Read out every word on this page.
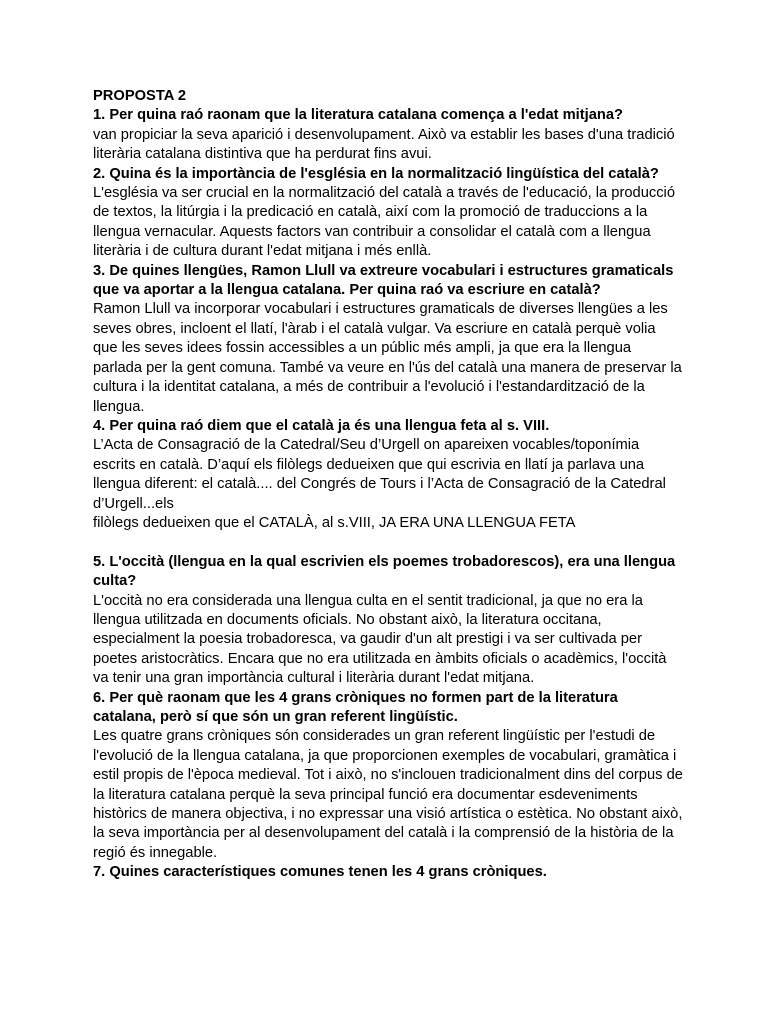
PROPOSTA 2

1. Per quina raó raonam que la literatura catalana comença a l'edat mitjana?

van propiciar la seva aparició i desenvolupament. Això va establir les bases d'una tradició literària catalana distintiva que ha perdurat fins avui.

2. Quina és la importància de l'església en la normalització lingüística del català?

L'església va ser crucial en la normalització del català a través de l'educació, la producció de textos, la litúrgia i la predicació en català, així com la promoció de traduccions a la llengua vernacular. Aquests factors van contribuir a consolidar el català com a llengua literària i de cultura durant l'edat mitjana i més enllà.

3. De quines llengües, Ramon Llull va extreure vocabulari i estructures gramaticals que va aportar a la llengua catalana. Per quina raó va escriure en català?

Ramon Llull va incorporar vocabulari i estructures gramaticals de diverses llengües a les seves obres, incloent el llatí, l'àrab i el català vulgar. Va escriure en català perquè volia que les seves idees fossin accessibles a un públic més ampli, ja que era la llengua parlada per la gent comuna. També va veure en l'ús del català una manera de preservar la cultura i la identitat catalana, a més de contribuir a l'evolució i l'estandardització de la llengua.

4. Per quina raó diem que el català ja és una llengua feta al s. VIII.

L’Acta de Consagració de la Catedral/Seu d’Urgell on apareixen vocables/toponímia escrits en català. D’aquí els filòlegs dedueixen que qui escrivia en llatí ja parlava una llengua diferent: el català.... del Congrés de Tours i l’Acta de Consagració de la Catedral d’Urgell...els

filòlegs dedueixen que el CATALÀ, al s.VIII, JA ERA UNA LLENGUA FETA

5. L'occità (llengua en la qual escrivien els poemes trobadorescos), era una llengua culta?

L'occità no era considerada una llengua culta en el sentit tradicional, ja que no era la llengua utilitzada en documents oficials. No obstant això, la literatura occitana, especialment la poesia trobadoresca, va gaudir d'un alt prestigi i va ser cultivada per poetes aristocràtics. Encara que no era utilitzada en àmbits oficials o acadèmics, l'occità va tenir una gran importància cultural i literària durant l'edat mitjana.

6. Per què raonam que les 4 grans cròniques no formen part de la literatura catalana, però sí que són un gran referent lingüístic.

Les quatre grans cròniques són considerades un gran referent lingüístic per l'estudi de l'evolució de la llengua catalana, ja que proporcionen exemples de vocabulari, gramàtica i estil propis de l'època medieval. Tot i això, no s'inclouen tradicionalment dins del corpus de la literatura catalana perquè la seva principal funció era documentar esdeveniments històrics de manera objectiva, i no expressar una visió artística o estètica. No obstant això, la seva importància per al desenvolupament del català i la comprensió de la història de la regió és innegable.

7. Quines característiques comunes tenen les 4 grans cròniques.
